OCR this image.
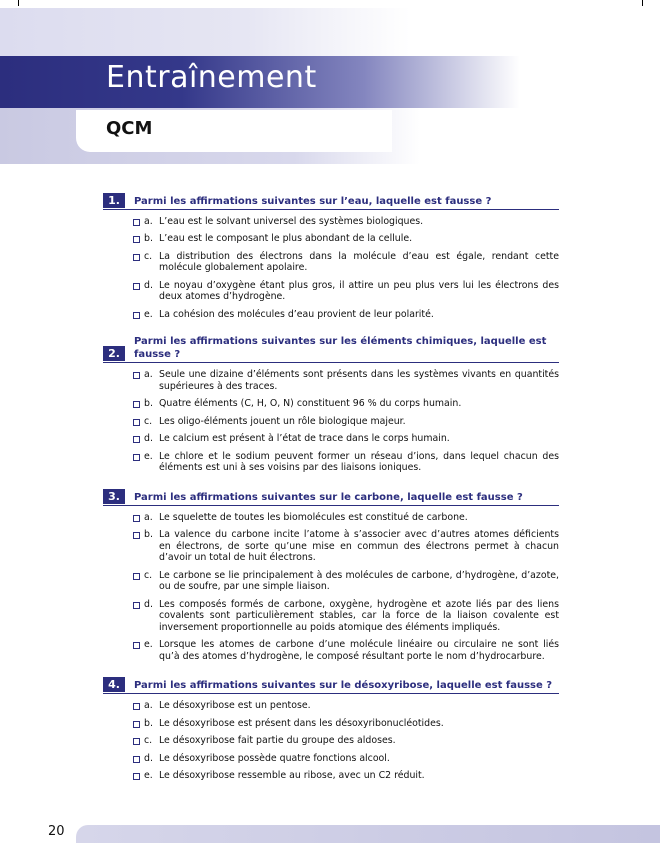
Entraînement
QCM
1.	Parmi les affirmations suivantes sur l’eau, laquelle est fausse ?
a. L’eau est le solvant universel des systèmes biologiques.
b. L’eau est le composant le plus abondant de la cellule.
c. La distribution des électrons dans la molécule d’eau est égale, rendant cette molécule globalement apolaire.
d. Le noyau d’oxygène étant plus gros, il attire un peu plus vers lui les électrons des deux atomes d’hydrogène.
e. La cohésion des molécules d’eau provient de leur polarité.
2.
Parmi les affirmations suivantes sur les éléments chimiques, laquelle est fausse ?
a. Seule une dizaine d’éléments sont présents dans les systèmes vivants en quantités supérieures à des traces.
b. Quatre éléments (C, H, O, N) constituent 96 % du corps humain.
c. Les oligo-éléments jouent un rôle biologique majeur.
d. Le calcium est présent à l’état de trace dans le corps humain.
e. Le chlore et le sodium peuvent former un réseau d’ions, dans lequel chacun des éléments est uni à ses voisins par des liaisons ioniques.
3.	Parmi les affirmations suivantes sur le carbone, laquelle est fausse ?
a. Le squelette de toutes les biomolécules est constitué de carbone.
b. La valence du carbone incite l’atome à s’associer avec d’autres atomes déficients en électrons, de sorte qu’une mise en commun des électrons permet à chacun d’avoir un total de huit électrons.
c. Le carbone se lie principalement à des molécules de carbone, d’hydrogène, d’azote, ou de soufre, par une simple liaison.
d. Les composés formés de carbone, oxygène, hydrogène et azote liés par des liens covalents sont particulièrement stables, car la force de la liaison covalente est inversement proportionnelle au poids atomique des éléments impliqués.
e. Lorsque les atomes de carbone d’une molécule linéaire ou circulaire ne sont liés qu’à des atomes d’hydrogène, le composé résultant porte le nom d’hydrocarbure.
4.	Parmi les affirmations suivantes sur le désoxyribose, laquelle est fausse ?
a. Le désoxyribose est un pentose.
b. Le désoxyribose est présent dans les désoxyribonucléotides.
c. Le désoxyribose fait partie du groupe des aldoses.
d. Le désoxyribose possède quatre fonctions alcool.
e. Le désoxyribose ressemble au ribose, avec un C2 réduit.
20
